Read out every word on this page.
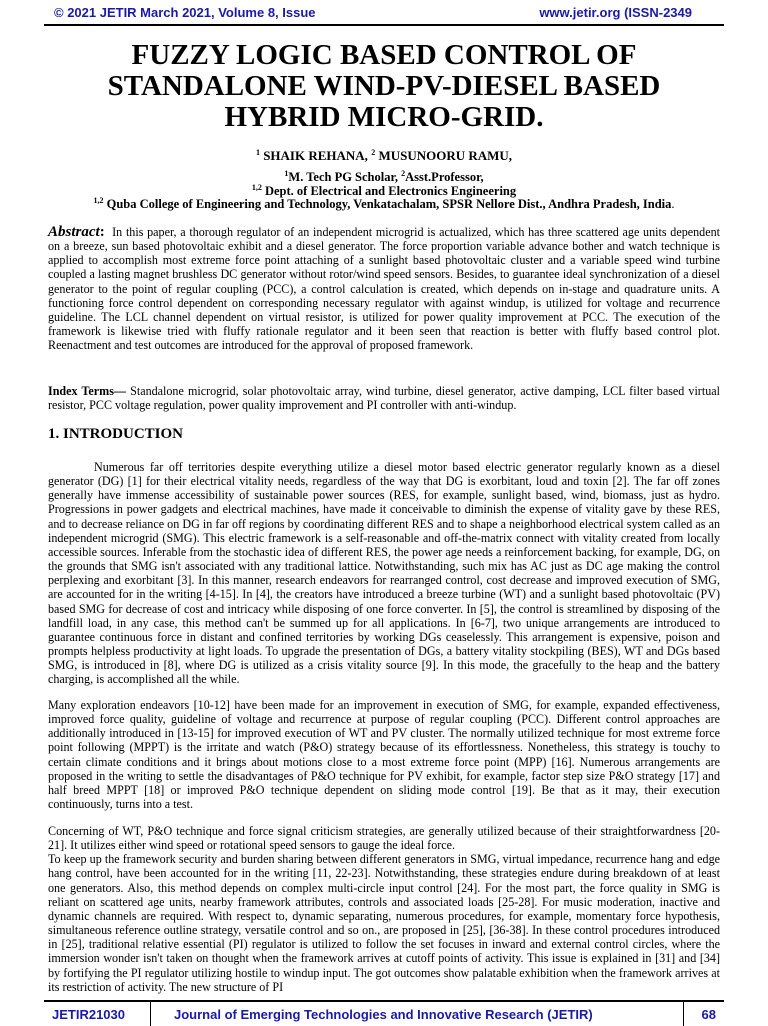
© 2021 JETIR March 2021, Volume 8, Issue	www.jetir.org (ISSN-2349
FUZZY LOGIC BASED CONTROL OF STANDALONE WIND-PV-DIESEL BASED HYBRID MICRO-GRID.
$^1$ SHAIK REHANA, $^2$ MUSUNOORU RAMU,
$^1$M. Tech PG Scholar, $^2$Asst.Professor,
$^{1,2}$ Dept. of Electrical and Electronics Engineering
$^{1,2}$ Quba College of Engineering and Technology, Venkatachalam, SPSR Nellore Dist., Andhra Pradesh, India.
Abstract: In this paper, a thorough regulator of an independent microgrid is actualized, which has three scattered age units dependent on a breeze, sun based photovoltaic exhibit and a diesel generator. The force proportion variable advance bother and watch technique is applied to accomplish most extreme force point attaching of a sunlight based photovoltaic cluster and a variable speed wind turbine coupled a lasting magnet brushless DC generator without rotor/wind speed sensors. Besides, to guarantee ideal synchronization of a diesel generator to the point of regular coupling (PCC), a control calculation is created, which depends on in-stage and quadrature units. A functioning force control dependent on corresponding necessary regulator with against windup, is utilized for voltage and recurrence guideline. The LCL channel dependent on virtual resistor, is utilized for power quality improvement at PCC. The execution of the framework is likewise tried with fluffy rationale regulator and it been seen that reaction is better with fluffy based control plot. Reenactment and test outcomes are introduced for the approval of proposed framework.
Index Terms— Standalone microgrid, solar photovoltaic array, wind turbine, diesel generator, active damping, LCL filter based virtual resistor, PCC voltage regulation, power quality improvement and PI controller with anti-windup.
1. INTRODUCTION
Numerous far off territories despite everything utilize a diesel motor based electric generator regularly known as a diesel generator (DG) [1] for their electrical vitality needs, regardless of the way that DG is exorbitant, loud and toxin [2]. The far off zones generally have immense accessibility of sustainable power sources (RES, for example, sunlight based, wind, biomass, just as hydro. Progressions in power gadgets and electrical machines, have made it conceivable to diminish the expense of vitality gave by these RES, and to decrease reliance on DG in far off regions by coordinating different RES and to shape a neighborhood electrical system called as an independent microgrid (SMG). This electric framework is a self-reasonable and off-the-matrix connect with vitality created from locally accessible sources. Inferable from the stochastic idea of different RES, the power age needs a reinforcement backing, for example, DG, on the grounds that SMG isn't associated with any traditional lattice. Notwithstanding, such mix has AC just as DC age making the control perplexing and exorbitant [3]. In this manner, research endeavors for rearranged control, cost decrease and improved execution of SMG, are accounted for in the writing [4-15]. In [4], the creators have introduced a breeze turbine (WT) and a sunlight based photovoltaic (PV) based SMG for decrease of cost and intricacy while disposing of one force converter. In [5], the control is streamlined by disposing of the landfill load, in any case, this method can't be summed up for all applications. In [6-7], two unique arrangements are introduced to guarantee continuous force in distant and confined territories by working DGs ceaselessly. This arrangement is expensive, poison and prompts helpless productivity at light loads. To upgrade the presentation of DGs, a battery vitality stockpiling (BES), WT and DGs based SMG, is introduced in [8], where DG is utilized as a crisis vitality source [9]. In this mode, the gracefully to the heap and the battery charging, is accomplished all the while.
Many exploration endeavors [10-12] have been made for an improvement in execution of SMG, for example, expanded effectiveness, improved force quality, guideline of voltage and recurrence at purpose of regular coupling (PCC). Different control approaches are additionally introduced in [13-15] for improved execution of WT and PV cluster. The normally utilized technique for most extreme force point following (MPPT) is the irritate and watch (P&O) strategy because of its effortlessness. Nonetheless, this strategy is touchy to certain climate conditions and it brings about motions close to a most extreme force point (MPP) [16]. Numerous arrangements are proposed in the writing to settle the disadvantages of P&O technique for PV exhibit, for example, factor step size P&O strategy [17] and half breed MPPT [18] or improved P&O technique dependent on sliding mode control [19]. Be that as it may, their execution continuously, turns into a test.
Concerning of WT, P&O technique and force signal criticism strategies, are generally utilized because of their straightforwardness [20-21]. It utilizes either wind speed or rotational speed sensors to gauge the ideal force.
To keep up the framework security and burden sharing between different generators in SMG, virtual impedance, recurrence hang and edge hang control, have been accounted for in the writing [11, 22-23]. Notwithstanding, these strategies endure during breakdown of at least one generators. Also, this method depends on complex multi-circle input control [24]. For the most part, the force quality in SMG is reliant on scattered age units, nearby framework attributes, controls and associated loads [25-28]. For music moderation, inactive and dynamic channels are required. With respect to, dynamic separating, numerous procedures, for example, momentary force hypothesis, simultaneous reference outline strategy, versatile control and so on., are proposed in [25], [36-38]. In these control procedures introduced in [25], traditional relative essential (PI) regulator is utilized to follow the set focuses in inward and external control circles, where the immersion wonder isn't taken on thought when the framework arrives at cutoff points of activity. This issue is explained in [31] and [34] by fortifying the PI regulator utilizing hostile to windup input. The got outcomes show palatable exhibition when the framework arrives at its restriction of activity. The new structure of PI
JETIR21030	Journal of Emerging Technologies and Innovative Research (JETIR)	68
